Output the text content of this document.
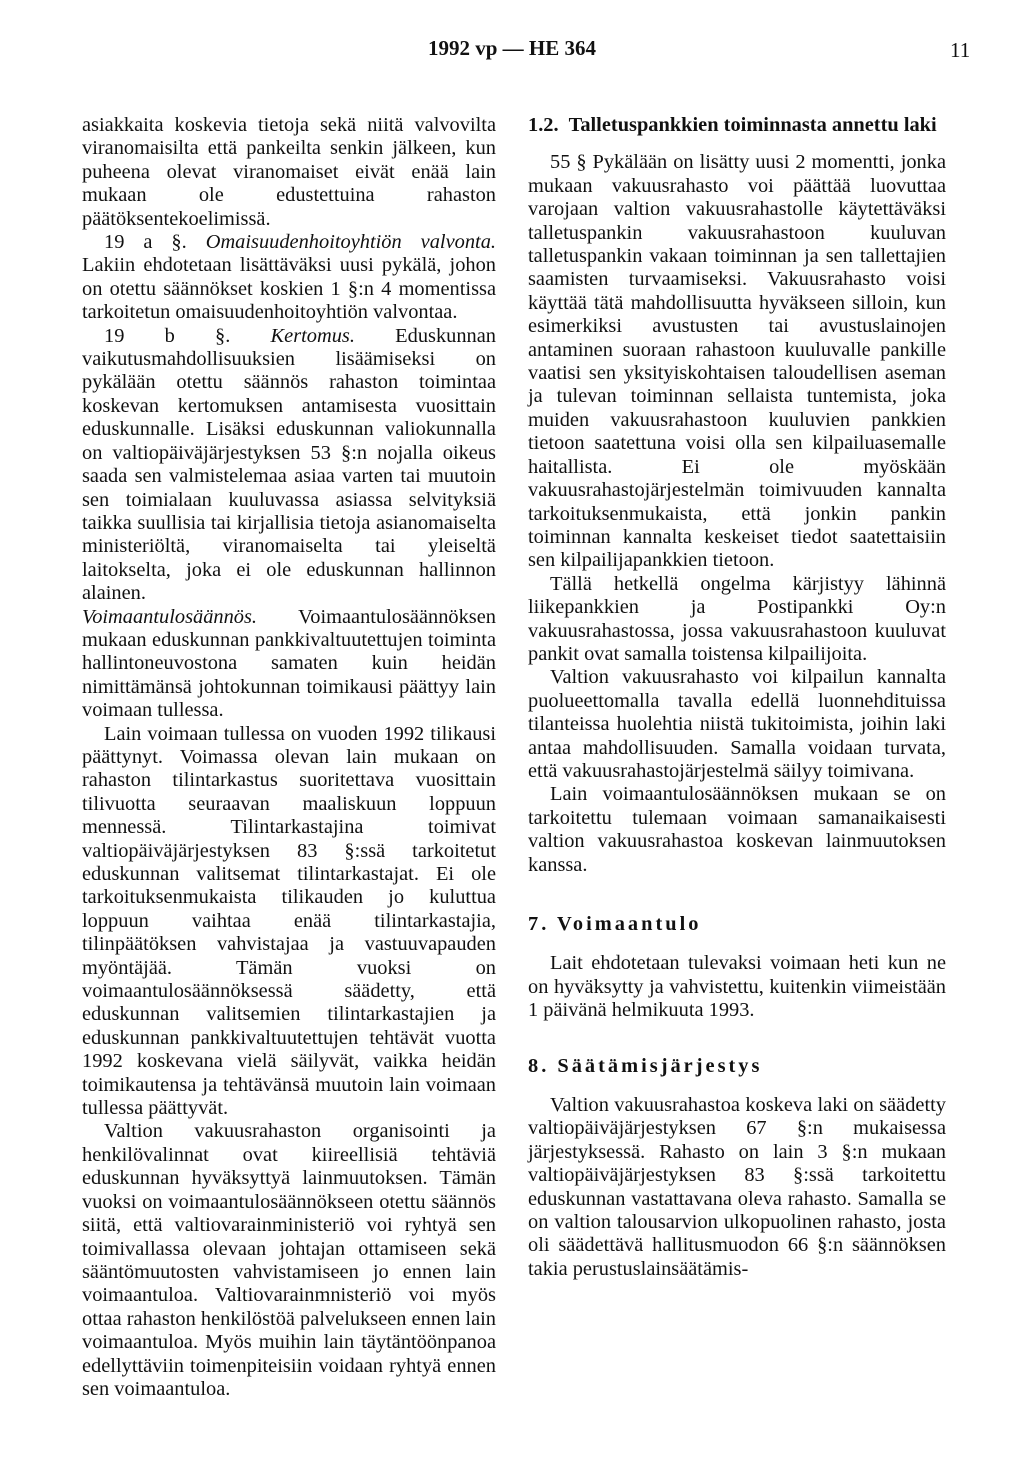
1992 vp — HE 364	11

asiakkaita koskevia tietoja sekä niitä valvovilta viranomaisilta että pankeilta senkin jälkeen, kun puheena olevat viranomaiset eivät enää lain mukaan ole edustettuina rahaston päätöksentekoelimissä.

19 a §. Omaisuudenhoitoyhtiön valvonta. Lakiin ehdotetaan lisättäväksi uusi pykälä, johon on otettu säännökset koskien 1 §:n 4 momentissa tarkoitetun omaisuudenhoitoyhtiön valvontaa.

19 b §. Kertomus. Eduskunnan vaikutusmahdollisuuksien lisäämiseksi on pykälään otettu säännös rahaston toimintaa koskevan kertomuksen antamisesta vuosittain eduskunnalle. Lisäksi eduskunnan valiokunnalla on valtiopäiväjärjestyksen 53 §:n nojalla oikeus saada sen valmistelemaa asiaa varten tai muutoin sen toimialaan kuuluvassa asiassa selvityksiä taikka suullisia tai kirjallisia tietoja asianomaiselta ministeriöltä, viranomaiselta tai yleiseltä laitokselta, joka ei ole eduskunnan hallinnon alainen.

Voimaantulosäännös. Voimaantulosäännöksen mukaan eduskunnan pankkivaltuutettujen toiminta hallintoneuvostona samaten kuin heidän nimittämänsä johtokunnan toimikausi päättyy lain voimaan tullessa.

Lain voimaan tullessa on vuoden 1992 tilikausi päättynyt. Voimassa olevan lain mukaan on rahaston tilintarkastus suoritettava vuosittain tilivuotta seuraavan maaliskuun loppuun mennessä. Tilintarkastajina toimivat valtiopäiväjärjestyksen 83 §:ssä tarkoitetut eduskunnan valitsemat tilintarkastajat. Ei ole tarkoituksenmukaista tilikauden jo kuluttua loppuun vaihtaa enää tilintarkastajia, tilinpäätöksen vahvistajaa ja vastuuvapauden myöntäjää. Tämän vuoksi on voimaantulosäännöksessä säädetty, että eduskunnan valitsemien tilintarkastajien ja eduskunnan pankkivaltuutettujen tehtävät vuotta 1992 koskevana vielä säilyvät, vaikka heidän toimikautensa ja tehtävänsä muutoin lain voimaan tullessa päättyvät.

Valtion vakuusrahaston organisointi ja henkilövalinnat ovat kiireellisiä tehtäviä eduskunnan hyväksyttyä lainmuutoksen. Tämän vuoksi on voimaantulosäännökseen otettu säännös siitä, että valtiovarainministeriö voi ryhtyä sen toimivallassa olevaan johtajan ottamiseen sekä sääntömuutosten vahvistamiseen jo ennen lain voimaantuloa. Valtiovarainmnisteriö voi myös ottaa rahaston henkilöstöä palvelukseen ennen lain voimaantuloa. Myös muihin lain täytäntöönpanoa edellyttäviin toimenpiteisiin voidaan ryhtyä ennen sen voimaantuloa.

1.2. Talletuspankkien toiminnasta annettu laki

55 § Pykälään on lisätty uusi 2 momentti, jonka mukaan vakuusrahasto voi päättää luovuttaa varojaan valtion vakuusrahastolle käytettäväksi talletuspankin vakuusrahastoon kuuluvan talletuspankin vakaan toiminnan ja sen tallettajien saamisten turvaamiseksi. Vakuusrahasto voisi käyttää tätä mahdollisuutta hyväkseen silloin, kun esimerkiksi avustusten tai avustuslainojen antaminen suoraan rahastoon kuuluvalle pankille vaatisi sen yksityiskohtaisen taloudellisen aseman ja tulevan toiminnan sellaista tuntemista, joka muiden vakuusrahastoon kuuluvien pankkien tietoon saatettuna voisi olla sen kilpailuasemalle haitallista. Ei ole myöskään vakuusrahastojärjestelmän toimivuuden kannalta tarkoituksenmukaista, että jonkin pankin toiminnan kannalta keskeiset tiedot saatettaisiin sen kilpailijapankkien tietoon.

Tällä hetkellä ongelma kärjistyy lähinnä liikepankkien ja Postipankki Oy:n vakuusrahastossa, jossa vakuusrahastoon kuuluvat pankit ovat samalla toistensa kilpailijoita.

Valtion vakuusrahasto voi kilpailun kannalta puolueettomalla tavalla edellä luonnehdituissa tilanteissa huolehtia niistä tukitoimista, joihin laki antaa mahdollisuuden. Samalla voidaan turvata, että vakuusrahastojärjestelmä säilyy toimivana.

Lain voimaantulosäännöksen mukaan se on tarkoitettu tulemaan voimaan samanaikaisesti valtion vakuusrahastoa koskevan lainmuutoksen kanssa.

7. Voimaantulo

Lait ehdotetaan tulevaksi voimaan heti kun ne on hyväksytty ja vahvistettu, kuitenkin viimeistään 1 päivänä helmikuuta 1993.

8. Säätämisjärjestys

Valtion vakuusrahastoa koskeva laki on säädetty valtiopäiväjärjestyksen 67 §:n mukaisessa järjestyksessä. Rahasto on lain 3 §:n mukaan valtiopäiväjärjestyksen 83 §:ssä tarkoitettu eduskunnan vastattavana oleva rahasto. Samalla se on valtion talousarvion ulkopuolinen rahasto, josta oli säädettävä hallitusmuodon 66 §:n säännöksen takia perustuslainsäätämis-
